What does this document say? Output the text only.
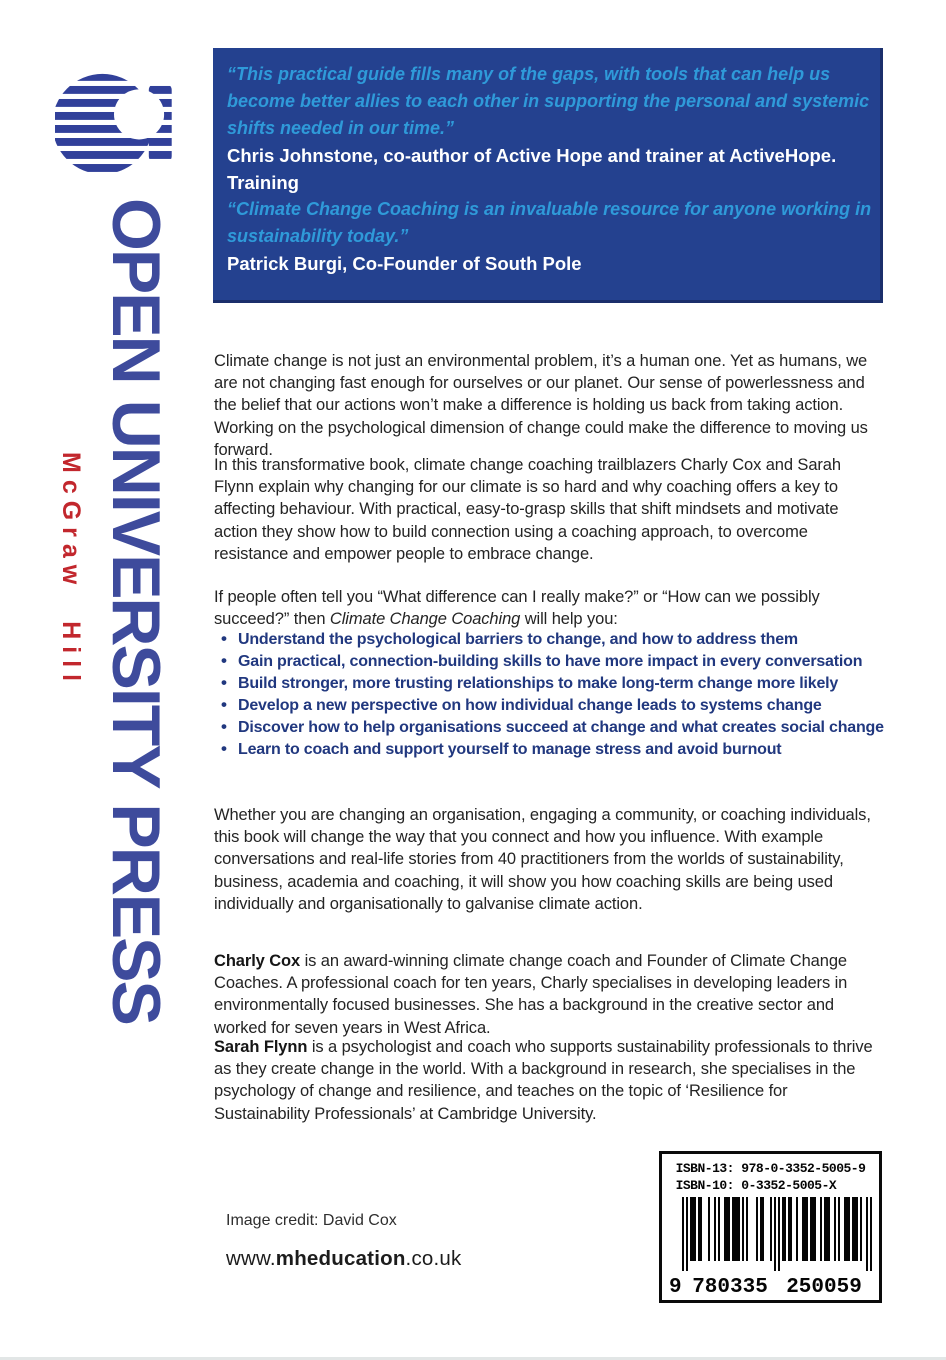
OPEN UNIVERSITY PRESS
McGraw Hill
“This practical guide fills many of the gaps, with tools that can help us
become better allies to each other in supporting the personal and systemic
shifts needed in our time.”
Chris Johnstone, co-author of Active Hope and trainer at ActiveHope.
Training
“Climate Change Coaching is an invaluable resource for anyone working in
sustainability today.”
Patrick Burgi, Co-Founder of South Pole

Climate change is not just an environmental problem, it’s a human one. Yet as humans, we are not changing fast enough for ourselves or our planet. Our sense of powerlessness and the belief that our actions won’t make a difference is holding us back from taking action. Working on the psychological dimension of change could make the difference to moving us forward.

In this transformative book, climate change coaching trailblazers Charly Cox and Sarah Flynn explain why changing for our climate is so hard and why coaching offers a key to affecting behaviour. With practical, easy-to-grasp skills that shift mindsets and motivate action they show how to build connection using a coaching approach, to overcome resistance and empower people to embrace change.

If people often tell you “What difference can I really make?” or “How can we possibly succeed?” then Climate Change Coaching will help you:

• Understand the psychological barriers to change, and how to address them
• Gain practical, connection-building skills to have more impact in every conversation
• Build stronger, more trusting relationships to make long-term change more likely
• Develop a new perspective on how individual change leads to systems change
• Discover how to help organisations succeed at change and what creates social change
• Learn to coach and support yourself to manage stress and avoid burnout

Whether you are changing an organisation, engaging a community, or coaching individuals, this book will change the way that you connect and how you influence. With example conversations and real-life stories from 40 practitioners from the worlds of sustainability, business, academia and coaching, it will show you how coaching skills are being used individually and organisationally to galvanise climate action.

Charly Cox is an award-winning climate change coach and Founder of Climate Change Coaches. A professional coach for ten years, Charly specialises in developing leaders in environmentally focused businesses. She has a background in the creative sector and worked for seven years in West Africa.

Sarah Flynn is a psychologist and coach who supports sustainability professionals to thrive as they create change in the world. With a background in research, she specialises in the psychology of change and resilience, and teaches on the topic of ‘Resilience for Sustainability Professionals’ at Cambridge University.

Image credit: David Cox
www.mheducation.co.uk
ISBN-13: 978-0-3352-5005-9
ISBN-10: 0-3352-5005-X
9 780335 250059
